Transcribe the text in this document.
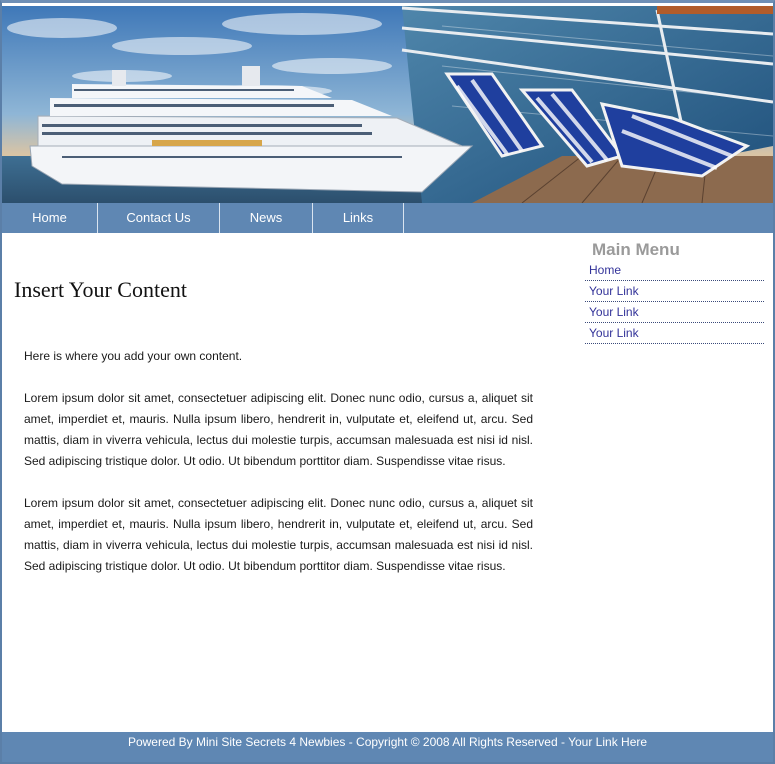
Home	Contact Us	News	Links
Insert Your Content

Here is where you add your own content.

Lorem ipsum dolor sit amet, consectetuer adipiscing elit. Donec nunc odio, cursus a, aliquet sit amet, imperdiet et, mauris. Nulla ipsum libero, hendrerit in, vulputate et, eleifend ut, arcu. Sed mattis, diam in viverra vehicula, lectus dui molestie turpis, accumsan malesuada est nisi id nisl. Sed adipiscing tristique dolor. Ut odio. Ut bibendum porttitor diam. Suspendisse vitae risus.

Lorem ipsum dolor sit amet, consectetuer adipiscing elit. Donec nunc odio, cursus a, aliquet sit amet, imperdiet et, mauris. Nulla ipsum libero, hendrerit in, vulputate et, eleifend ut, arcu. Sed mattis, diam in viverra vehicula, lectus dui molestie turpis, accumsan malesuada est nisi id nisl. Sed adipiscing tristique dolor. Ut odio. Ut bibendum porttitor diam. Suspendisse vitae risus.

Main Menu
Home
Your Link
Your Link
Your Link
Powered By Mini Site Secrets 4 Newbies - Copyright © 2008 All Rights Reserved - Your Link Here
